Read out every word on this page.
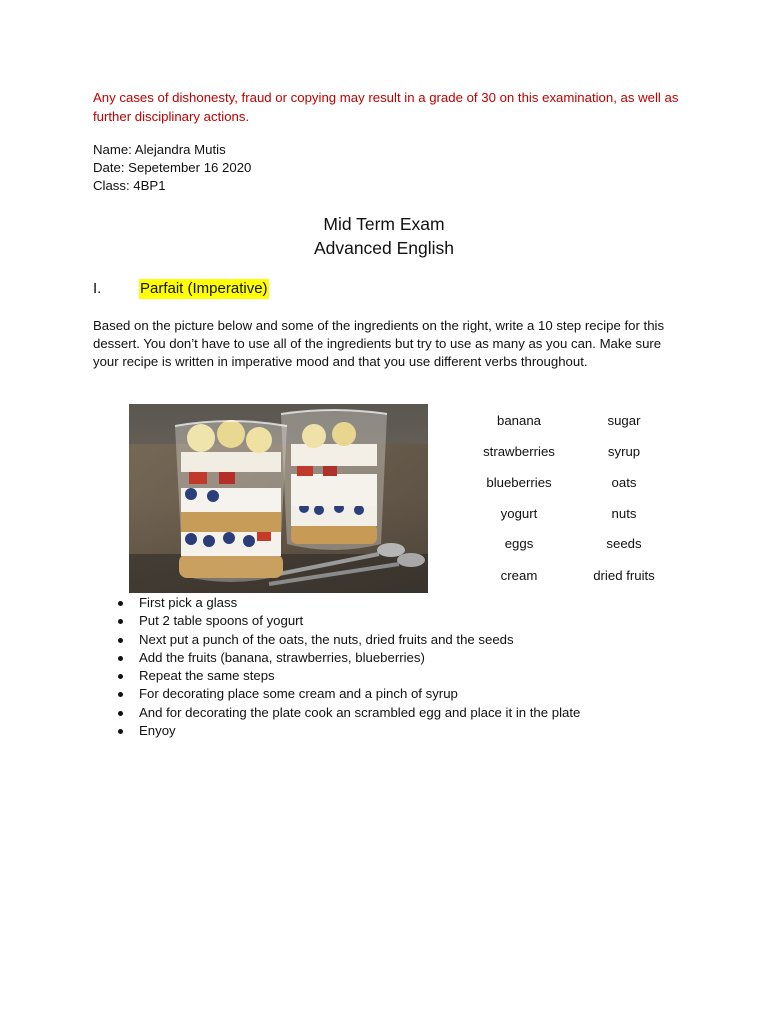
Any cases of dishonesty, fraud or copying may result in a grade of 30 on this examination, as well as further disciplinary actions.
Name: Alejandra Mutis
Date: Sepetember 16 2020
Class: 4BP1
Mid Term Exam
Advanced English
I.	Parfait (Imperative)
Based on the picture below and some of the ingredients on the right, write a 10 step recipe for this dessert. You don’t have to use all of the ingredients but try to use as many as you can. Make sure your recipe is written in imperative mood and that you use different verbs throughout.
banana
strawberries
blueberries
yogurt
eggs
cream
sugar
syrup
oats
nuts
seeds
dried fruits
First pick a glass
Put 2 table spoons of yogurt
Next put a punch of the oats, the nuts, dried fruits and the seeds
Add the fruits (banana, strawberries, blueberries)
Repeat the same steps
For decorating place some cream and a pinch of syrup
And for decorating the plate cook an scrambled egg and place it in the plate
Enyoy
